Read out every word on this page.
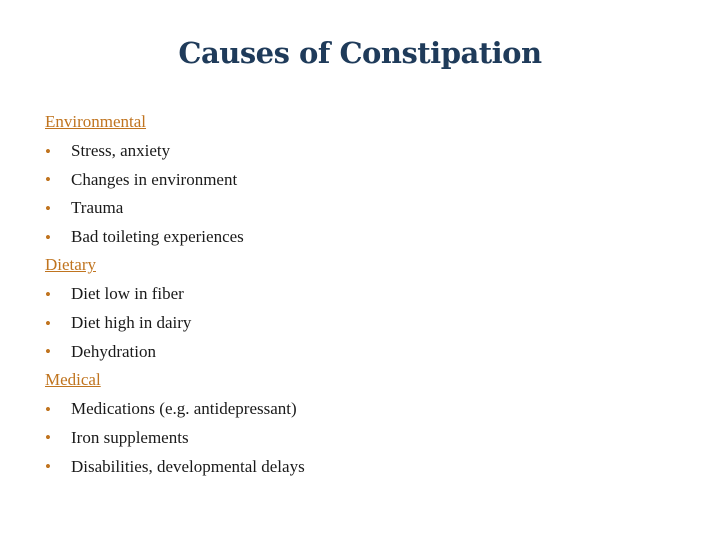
Causes of Constipation
Environmental
•	Stress, anxiety
•	Changes in environment
•	Trauma
•	Bad toileting experiences
Dietary
•	Diet low in fiber
•	Diet high in dairy
•	Dehydration
Medical
•	Medications (e.g. antidepressant)
•	Iron supplements
•	Disabilities, developmental delays
